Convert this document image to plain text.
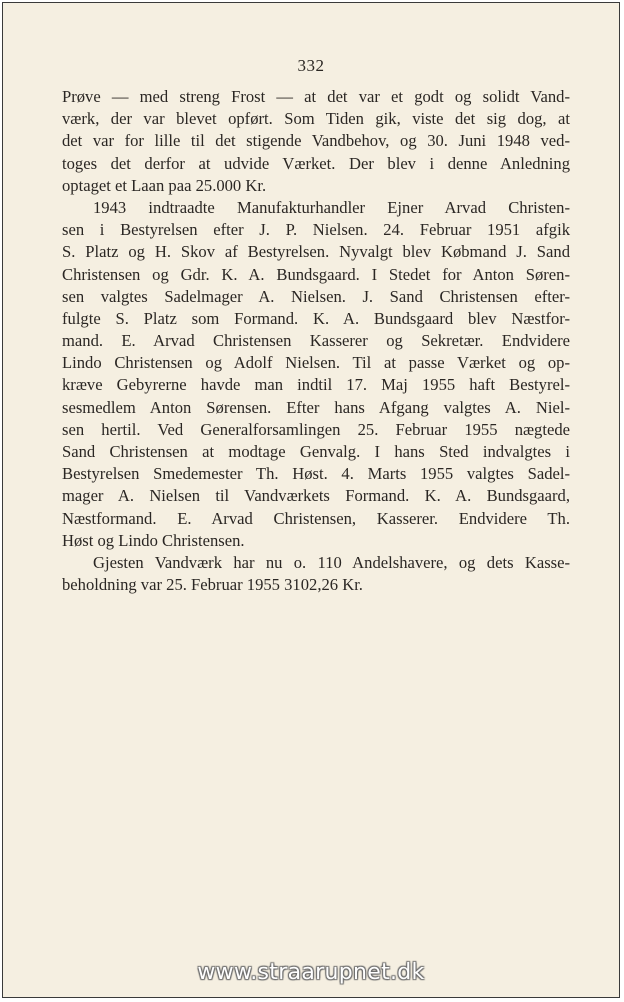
332
Prøve — med streng Frost — at det var et godt og solidt Vand-
værk, der var blevet opført. Som Tiden gik, viste det sig dog, at
det var for lille til det stigende Vandbehov, og 30. Juni 1948 ved-
toges det derfor at udvide Værket. Der blev i denne Anledning
optaget et Laan paa 25.000 Kr.
1943 indtraadte Manufakturhandler Ejner Arvad Christen-
sen i Bestyrelsen efter J. P. Nielsen. 24. Februar 1951 afgik
S. Platz og H. Skov af Bestyrelsen. Nyvalgt blev Købmand J. Sand
Christensen og Gdr. K. A. Bundsgaard. I Stedet for Anton Søren-
sen valgtes Sadelmager A. Nielsen. J. Sand Christensen efter-
fulgte S. Platz som Formand. K. A. Bundsgaard blev Næstfor-
mand. E. Arvad Christensen Kasserer og Sekretær. Endvidere
Lindo Christensen og Adolf Nielsen. Til at passe Værket og op-
kræve Gebyrerne havde man indtil 17. Maj 1955 haft Bestyrel-
sesmedlem Anton Sørensen. Efter hans Afgang valgtes A. Niel-
sen hertil. Ved Generalforsamlingen 25. Februar 1955 nægtede
Sand Christensen at modtage Genvalg. I hans Sted indvalgtes i
Bestyrelsen Smedemester Th. Høst. 4. Marts 1955 valgtes Sadel-
mager A. Nielsen til Vandværkets Formand. K. A. Bundsgaard,
Næstformand. E. Arvad Christensen, Kasserer. Endvidere Th.
Høst og Lindo Christensen.
Gjesten Vandværk har nu o. 110 Andelshavere, og dets Kasse-
beholdning var 25. Februar 1955 3102,26 Kr.
www.straarupnet.dk
